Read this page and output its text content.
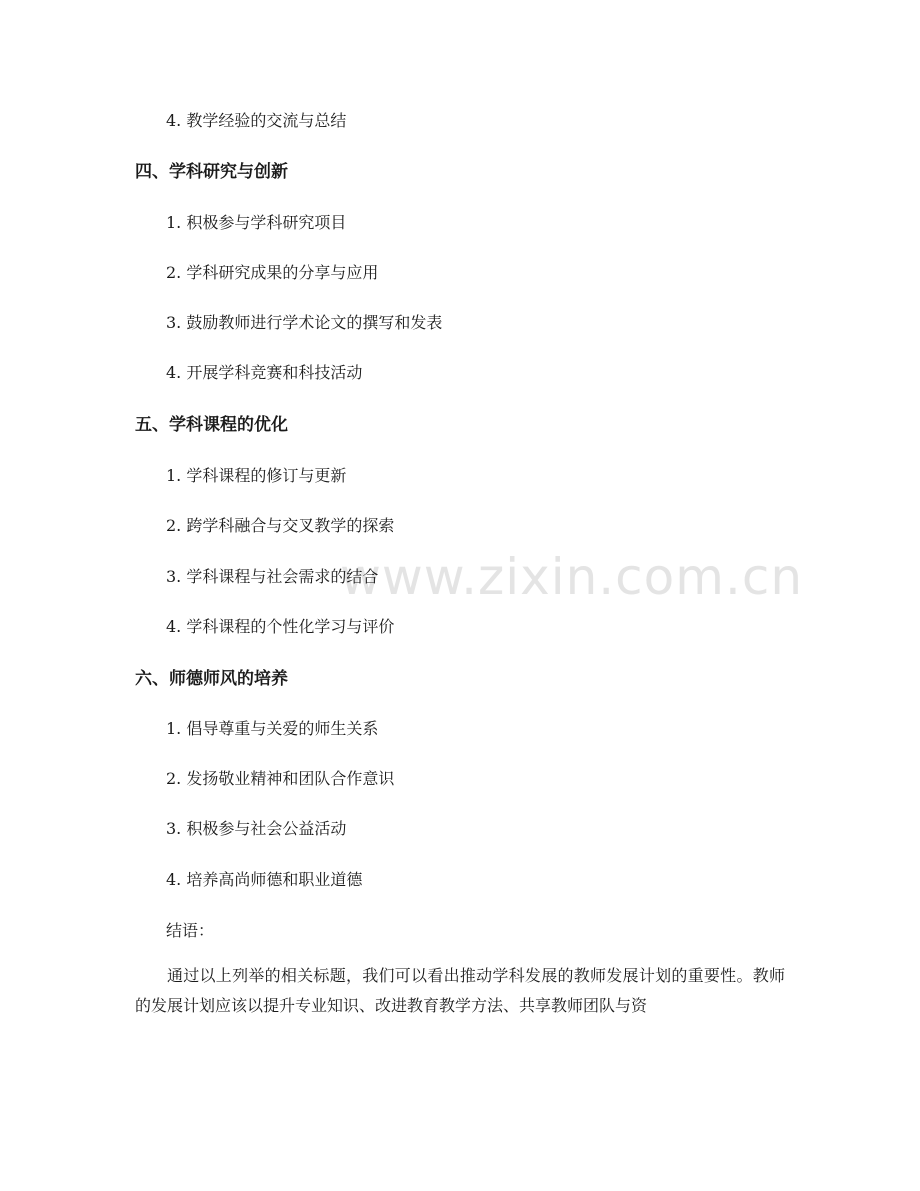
www.zixin.com.cn
4. 教学经验的交流与总结
四、学科研究与创新
1. 积极参与学科研究项目
2. 学科研究成果的分享与应用
3. 鼓励教师进行学术论文的撰写和发表
4. 开展学科竞赛和科技活动
五、学科课程的优化
1. 学科课程的修订与更新
2. 跨学科融合与交叉教学的探索
3. 学科课程与社会需求的结合
4. 学科课程的个性化学习与评价
六、师德师风的培养
1. 倡导尊重与关爱的师生关系
2. 发扬敬业精神和团队合作意识
3. 积极参与社会公益活动
4. 培养高尚师德和职业道德
结语：
通过以上列举的相关标题，我们可以看出推动学科发展的教师发展计划的重要性。教师的发展计划应该以提升专业知识、改进教育教学方法、共享教师团队与资
